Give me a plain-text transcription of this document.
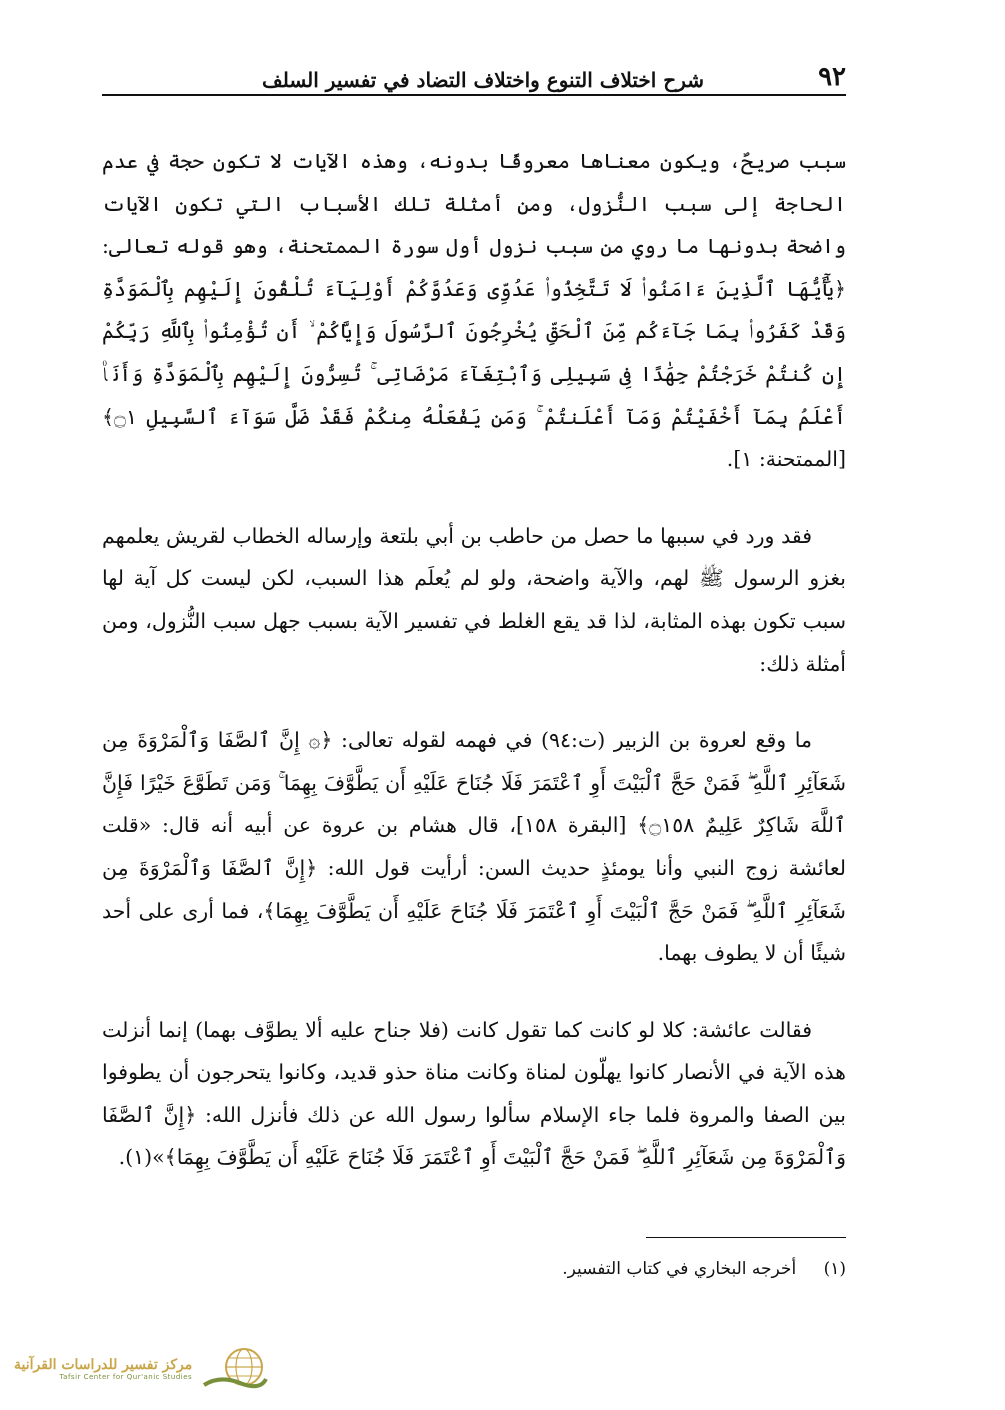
٩٢
شرح اختلاف التنوع واختلاف التضاد في تفسير السلف

سبب صريحٌ، ويكون معناها معروفًا بدونه، وهذه الآيات لا تكون حجة في عدم الحاجة إلى سبب النُّزول، ومن أمثلة تلك الأسباب التي تكون الآيات واضحة بدونها ما روي من سبب نزول أول سورة الممتحنة، وهو قوله تعالى: ﴿يَٰٓأَيُّهَا ٱلَّذِينَ ءَامَنُوا۟ لَا تَتَّخِذُوا۟ عَدُوِّى وَعَدُوَّكُمْ أَوْلِيَآءَ تُلْقُونَ إِلَيْهِم بِٱلْمَوَدَّةِ وَقَدْ كَفَرُوا۟ بِمَا جَآءَكُم مِّنَ ٱلْحَقِّ يُخْرِجُونَ ٱلرَّسُولَ وَإِيَّاكُمْ ۙ أَن تُؤْمِنُوا۟ بِٱللَّهِ رَبِّكُمْ إِن كُنتُمْ خَرَجْتُمْ جِهَٰدًا فِى سَبِيلِى وَٱبْتِغَآءَ مَرْضَاتِى ۚ تُسِرُّونَ إِلَيْهِم بِٱلْمَوَدَّةِ وَأَنَا۠ أَعْلَمُ بِمَآ أَخْفَيْتُمْ وَمَآ أَعْلَنتُمْ ۚ وَمَن يَفْعَلْهُ مِنكُمْ فَقَدْ ضَلَّ سَوَآءَ ٱلسَّبِيلِ ۝١﴾ [الممتحنة: ١].

فقد ورد في سببها ما حصل من حاطب بن أبي بلتعة وإرساله الخطاب لقريش يعلمهم بغزو الرسول ﷺ لهم، والآية واضحة، ولو لم يُعلَم هذا السبب، لكن ليست كل آية لها سبب تكون بهذه المثابة، لذا قد يقع الغلط في تفسير الآية بسبب جهل سبب النُّزول، ومن أمثلة ذلك:

ما وقع لعروة بن الزبير (ت:٩٤) في فهمه لقوله تعالى: ﴿۞ إِنَّ ٱلصَّفَا وَٱلْمَرْوَةَ مِن شَعَآئِرِ ٱللَّهِ ۖ فَمَنْ حَجَّ ٱلْبَيْتَ أَوِ ٱعْتَمَرَ فَلَا جُنَاحَ عَلَيْهِ أَن يَطَّوَّفَ بِهِمَا ۚ وَمَن تَطَوَّعَ خَيْرًا فَإِنَّ ٱللَّهَ شَاكِرٌ عَلِيمٌ ۝١٥٨﴾ [البقرة ١٥٨]، قال هشام بن عروة عن أبيه أنه قال: «قلت لعائشة زوج النبي وأنا يومئذٍ حديث السن: أرأيت قول الله: ﴿إِنَّ ٱلصَّفَا وَٱلْمَرْوَةَ مِن شَعَآئِرِ ٱللَّهِ ۖ فَمَنْ حَجَّ ٱلْبَيْتَ أَوِ ٱعْتَمَرَ فَلَا جُنَاحَ عَلَيْهِ أَن يَطَّوَّفَ بِهِمَا﴾، فما أرى على أحد شيئًا أن لا يطوف بهما.

فقالت عائشة: كلا لو كانت كما تقول كانت (فلا جناح عليه ألا يطوَّف بهما) إنما أنزلت هذه الآية في الأنصار كانوا يهلّون لمناة وكانت مناة حذو قديد، وكانوا يتحرجون أن يطوفوا بين الصفا والمروة فلما جاء الإسلام سألوا رسول الله عن ذلك فأنزل الله: ﴿إِنَّ ٱلصَّفَا وَٱلْمَرْوَةَ مِن شَعَآئِرِ ٱللَّهِ ۖ فَمَنْ حَجَّ ٱلْبَيْتَ أَوِ ٱعْتَمَرَ فَلَا جُنَاحَ عَلَيْهِ أَن يَطَّوَّفَ بِهِمَا﴾»(١).

(١) أخرجه البخاري في كتاب التفسير.
مركز تفسير للدراسات القرآنية
Tafsir Center for Qur'anic Studies
